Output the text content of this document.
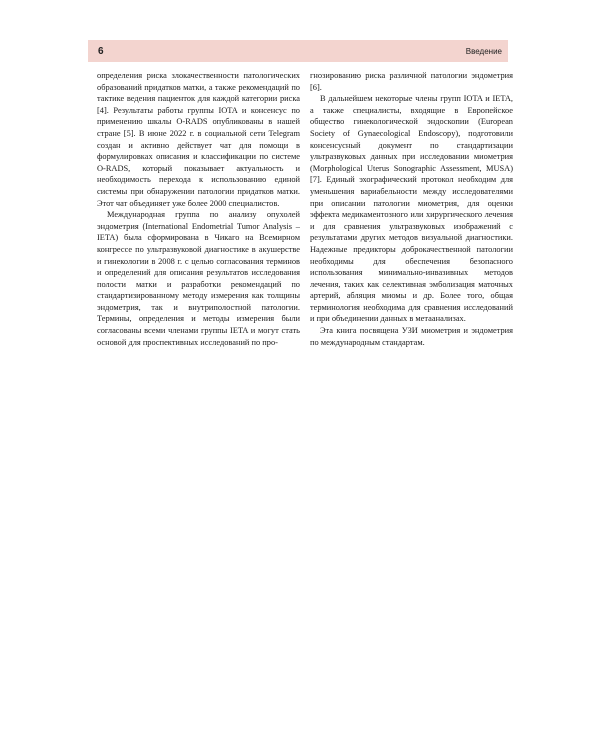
6	Введение

определения риска злокачественности патологических образований придатков матки, а также рекомендаций по тактике ведения пациенток для каждой категории риска [4]. Результаты работы группы IOTA и консенсус по применению шкалы O-RADS опубликованы в нашей стране [5]. В июне 2022 г. в социальной сети Telegram создан и активно действует чат для помощи в формулировках описания и классификации по системе O-RADS, который показывает актуальность и необходимость перехода к использованию единой системы при обнаружении патологии придатков матки. Этот чат объединяет уже более 2000 специалистов.

Международная группа по анализу опухолей эндометрия (International Endometrial Tumor Analysis – IETA) была сформирована в Чикаго на Всемирном конгрессе по ультразвуковой диагностике в акушерстве и гинекологии в 2008 г. с целью согласования терминов и определений для описания результатов исследования полости матки и разработки рекомендаций по стандартизированному методу измерения как толщины эндометрия, так и внутриполостной патологии. Термины, определения и методы измерения были согласованы всеми членами группы IETA и могут стать основой для проспективных исследований по про-

гнозированию риска различной патологии эндометрия [6].

В дальнейшем некоторые члены групп IOTA и IETA, а также специалисты, входящие в Европейское общество гинекологической эндоскопии (European Society of Gynaecological Endoscopy), подготовили консенсусный документ по стандартизации ультразвуковых данных при исследовании миометрия (Morphological Uterus Sonographic Assessment, MUSA) [7]. Единый эхографический протокол необходим для уменьшения вариабельности между исследователями при описании патологии миометрия, для оценки эффекта медикаментозного или хирургического лечения и для сравнения ультразвуковых изображений с результатами других методов визуальной диагностики. Надежные предикторы доброкачественной патологии необходимы для обеспечения безопасного использования минимально-инвазивных методов лечения, таких как селективная эмболизация маточных артерий, абляция миомы и др. Более того, общая терминология необходима для сравнения исследований и при объединении данных в метаанализах.

Эта книга посвящена УЗИ миометрия и эндометрия по международным стандартам.
